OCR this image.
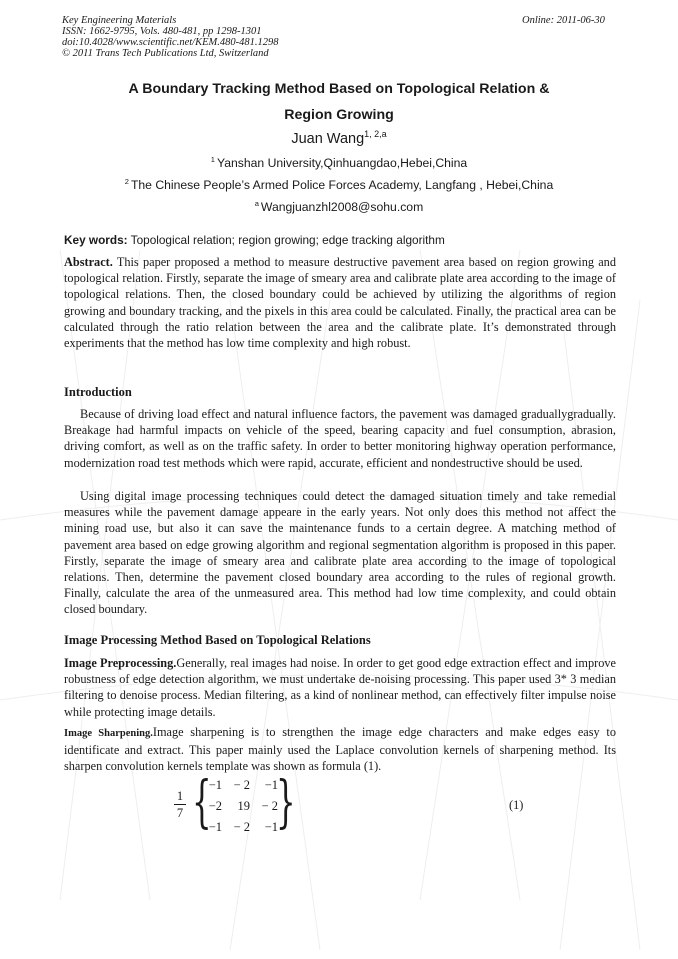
Key Engineering Materials
ISSN: 1662-9795, Vols. 480-481, pp 1298-1301
doi:10.4028/www.scientific.net/KEM.480-481.1298
© 2011 Trans Tech Publications Ltd, Switzerland
Online: 2011-06-30
A Boundary Tracking Method Based on Topological Relation &
Region Growing
Juan Wang$^{1, 2,a}$
$^1$ Yanshan University,Qinhuangdao,Hebei,China
$^2$ The Chinese People’s Armed Police Forces Academy, Langfang , Hebei,China
$^a$ Wangjuanzhl2008@sohu.com
Key words: Topological relation; region growing; edge tracking algorithm
Abstract. This paper proposed a method to measure destructive pavement area based on region growing and topological relation. Firstly, separate the image of smeary area and calibrate plate area according to the image of topological relations. Then, the closed boundary could be achieved by utilizing the algorithms of region growing and boundary tracking, and the pixels in this area could be calculated. Finally, the practical area can be calculated through the ratio relation between the area and the calibrate plate. It’s demonstrated through experiments that the method has low time complexity and high robust.
Introduction
Because of driving load effect and natural influence factors, the pavement was damaged graduallygradually. Breakage had harmful impacts on vehicle of the speed, bearing capacity and fuel consumption, abrasion, driving comfort, as well as on the traffic safety. In order to better monitoring highway operation performance, modernization road test methods which were rapid, accurate, efficient and nondestructive should be used.
Using digital image processing techniques could detect the damaged situation timely and take remedial measures while the pavement damage appeare in the early years. Not only does this method not affect the mining road use, but also it can save the maintenance funds to a certain degree. A matching method of pavement area based on edge growing algorithm and regional segmentation algorithm is proposed in this paper. Firstly, separate the image of smeary area and calibrate plate area according to the image of topological relations. Then, determine the pavement closed boundary area according to the rules of regional growth. Finally, calculate the area of the unmeasured area. This method had low time complexity, and could obtain closed boundary.
Image Processing Method Based on Topological Relations
Image Preprocessing.Generally, real images had noise. In order to get good edge extraction effect and improve robustness of edge detection algorithm, we must undertake de-noising processing. This paper used 3* 3 median filtering to denoise process. Median filtering, as a kind of nonlinear method, can effectively filter impulse noise while protecting image details.
Image Sharpening.Image sharpening is to strengthen the image edge characters and make edges easy to identificate and extract. This paper mainly used the Laplace convolution kernels of sharpening method. Its sharpen convolution kernels template was shown as formula (1).
1
7 {
−1 − 2	−1
−2	19 − 2
−1 − 2	−1
}	(1)
